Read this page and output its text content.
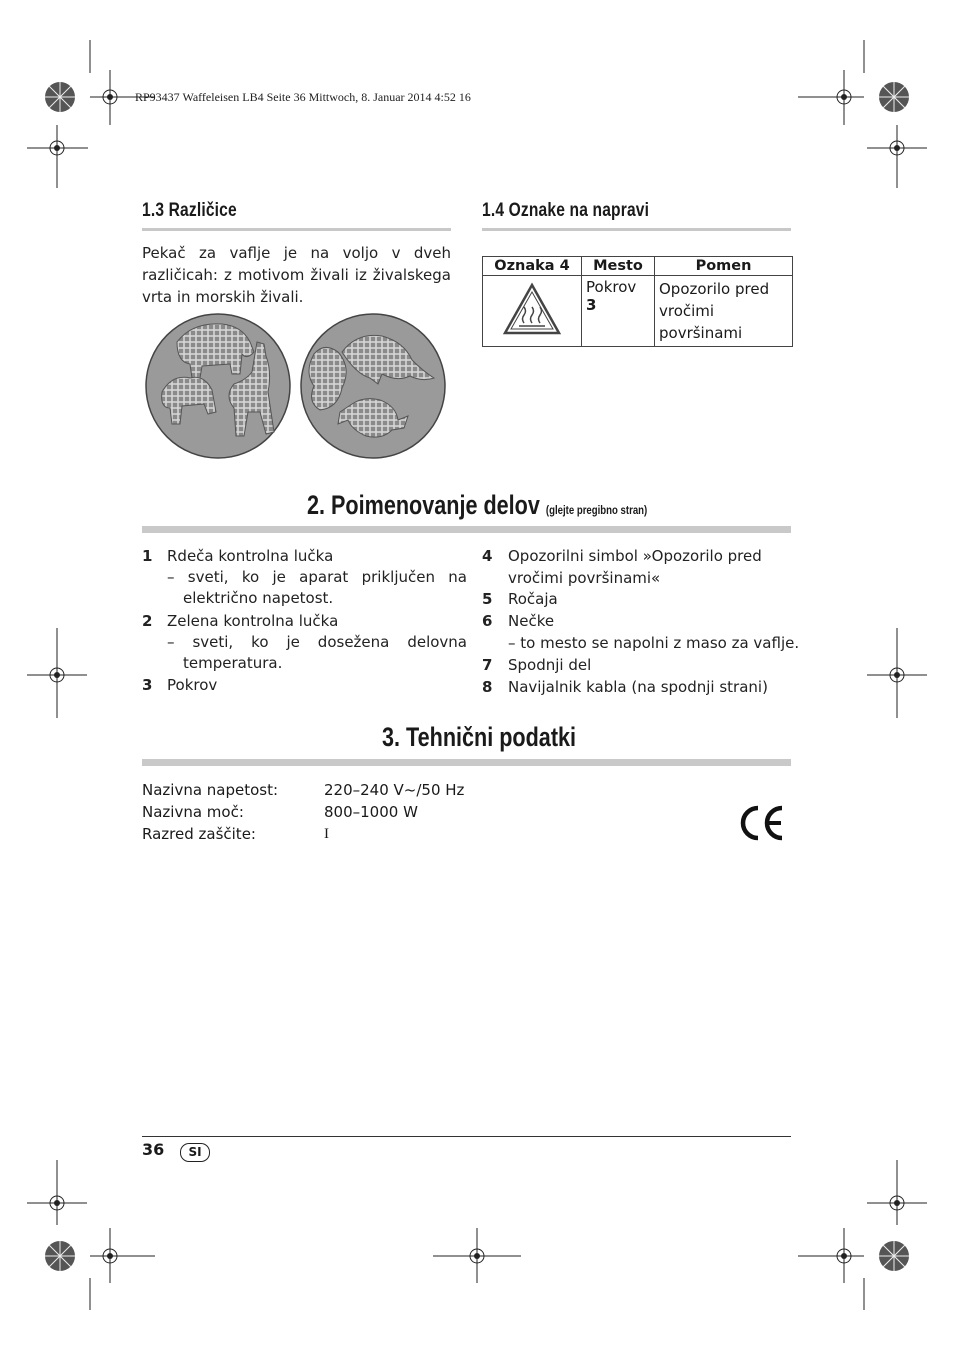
RP93437 Waffeleisen LB4 Seite 36 Mittwoch, 8. Januar 2014 4:52 16
1.3 Različice
Pekač za vaflje je na voljo v dveh različicah: z motivom živali iz živalskega vrta in morskih živali.
1.4 Oznake na napravi
Oznaka 4	Mesto	Pomen
	Pokrov 3	Opozorilo pred vročimi površinami
2. Poimenovanje delov (glejte pregibno stran)
1 Rdeča kontrolna lučka
– sveti, ko je aparat priključen na električno napetost.
2 Zelena kontrolna lučka
– sveti, ko je dosežena delovna temperatura.
3 Pokrov
4 Opozorilni simbol »Opozorilo pred vročimi površinami«
5 Ročaja
6 Nečke
– to mesto se napolni z maso za vaflje.
7 Spodnji del
8 Navijalnik kabla (na spodnji strani)
3. Tehnični podatki
Nazivna napetost:	220–240 V~/50 Hz
Nazivna moč:	800–1000 W
Razred zaščite:	I
36	SI
